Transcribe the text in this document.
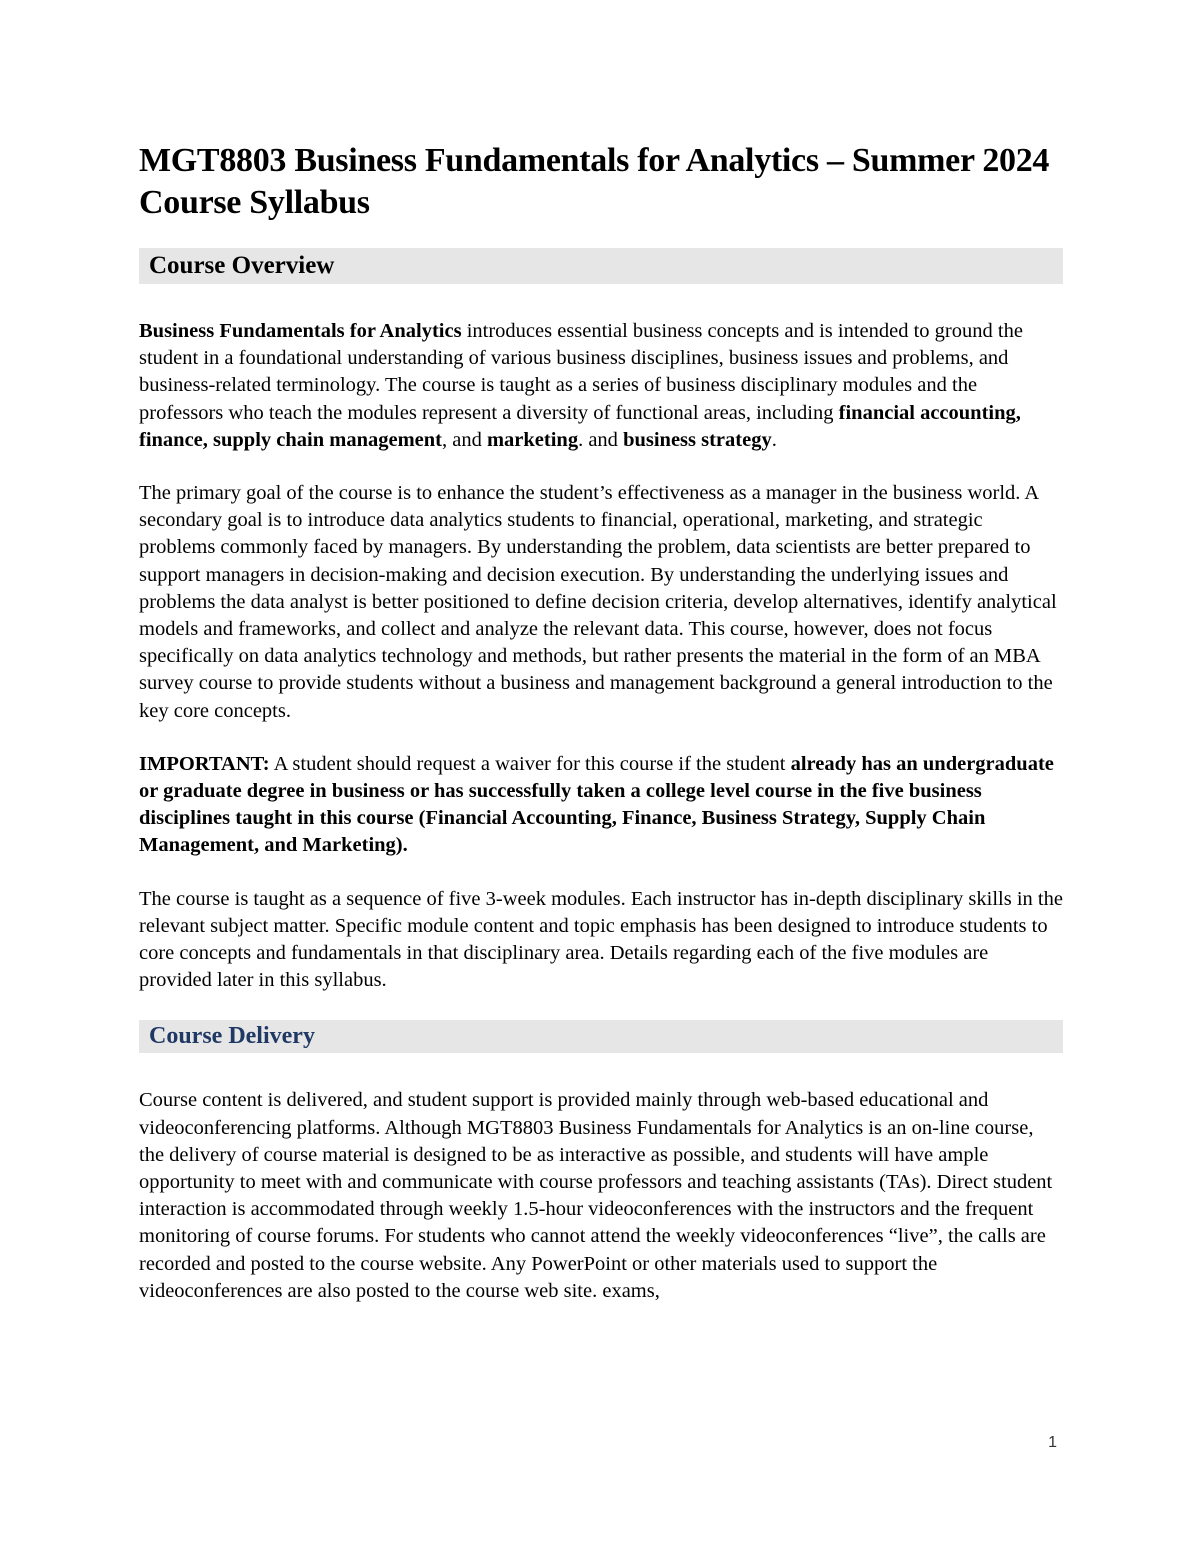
MGT8803 Business Fundamentals for Analytics – Summer 2024 Course Syllabus
Course Overview

Business Fundamentals for Analytics introduces essential business concepts and is intended to ground the student in a foundational understanding of various business disciplines, business issues and problems, and business-related terminology. The course is taught as a series of business disciplinary modules and the professors who teach the modules represent a diversity of functional areas, including financial accounting, finance, supply chain management, and marketing. and business strategy.

The primary goal of the course is to enhance the student’s effectiveness as a manager in the business world. A secondary goal is to introduce data analytics students to financial, operational, marketing, and strategic problems commonly faced by managers. By understanding the problem, data scientists are better prepared to support managers in decision-making and decision execution. By understanding the underlying issues and problems the data analyst is better positioned to define decision criteria, develop alternatives, identify analytical models and frameworks, and collect and analyze the relevant data. This course, however, does not focus specifically on data analytics technology and methods, but rather presents the material in the form of an MBA survey course to provide students without a business and management background a general introduction to the key core concepts.

IMPORTANT: A student should request a waiver for this course if the student already has an undergraduate or graduate degree in business or has successfully taken a college level course in the five business disciplines taught in this course (Financial Accounting, Finance, Business Strategy, Supply Chain Management, and Marketing).

The course is taught as a sequence of five 3-week modules. Each instructor has in-depth disciplinary skills in the relevant subject matter. Specific module content and topic emphasis has been designed to introduce students to core concepts and fundamentals in that disciplinary area. Details regarding each of the five modules are provided later in this syllabus.

Course Delivery

Course content is delivered, and student support is provided mainly through web-based educational and videoconferencing platforms. Although MGT8803 Business Fundamentals for Analytics is an on-line course, the delivery of course material is designed to be as interactive as possible, and students will have ample opportunity to meet with and communicate with course professors and teaching assistants (TAs). Direct student interaction is accommodated through weekly 1.5-hour videoconferences with the instructors and the frequent monitoring of course forums. For students who cannot attend the weekly videoconferences “live”, the calls are recorded and posted to the course website. Any PowerPoint or other materials used to support the videoconferences are also posted to the course web site. exams,

1
